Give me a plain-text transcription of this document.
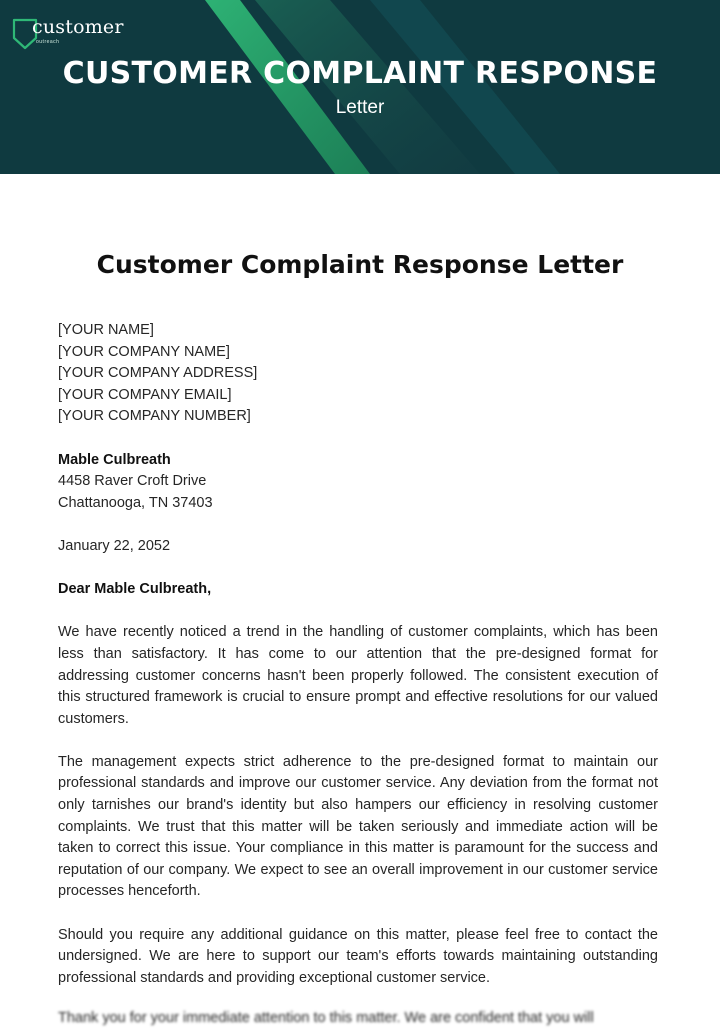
customer
outreach
CUSTOMER COMPLAINT RESPONSE
Letter
Customer Complaint Response Letter
[YOUR NAME]
[YOUR COMPANY NAME]
[YOUR COMPANY ADDRESS]
[YOUR COMPANY EMAIL]
[YOUR COMPANY NUMBER]
Mable Culbreath
4458 Raver Croft Drive
Chattanooga, TN 37403
January 22, 2052
Dear Mable Culbreath,

We have recently noticed a trend in the handling of customer complaints, which has been less than satisfactory. It has come to our attention that the pre-designed format for addressing customer concerns hasn't been properly followed. The consistent execution of this structured framework is crucial to ensure prompt and effective resolutions for our valued customers.

The management expects strict adherence to the pre-designed format to maintain our professional standards and improve our customer service. Any deviation from the format not only tarnishes our brand's identity but also hampers our efficiency in resolving customer complaints. We trust that this matter will be taken seriously and immediate action will be taken to correct this issue. Your compliance in this matter is paramount for the success and reputation of our company. We expect to see an overall improvement in our customer service processes henceforth.

Should you require any additional guidance on this matter, please feel free to contact the undersigned. We are here to support our team's efforts towards maintaining outstanding professional standards and providing exceptional customer service.

Thank you for your immediate attention to this matter. We are confident that you will
